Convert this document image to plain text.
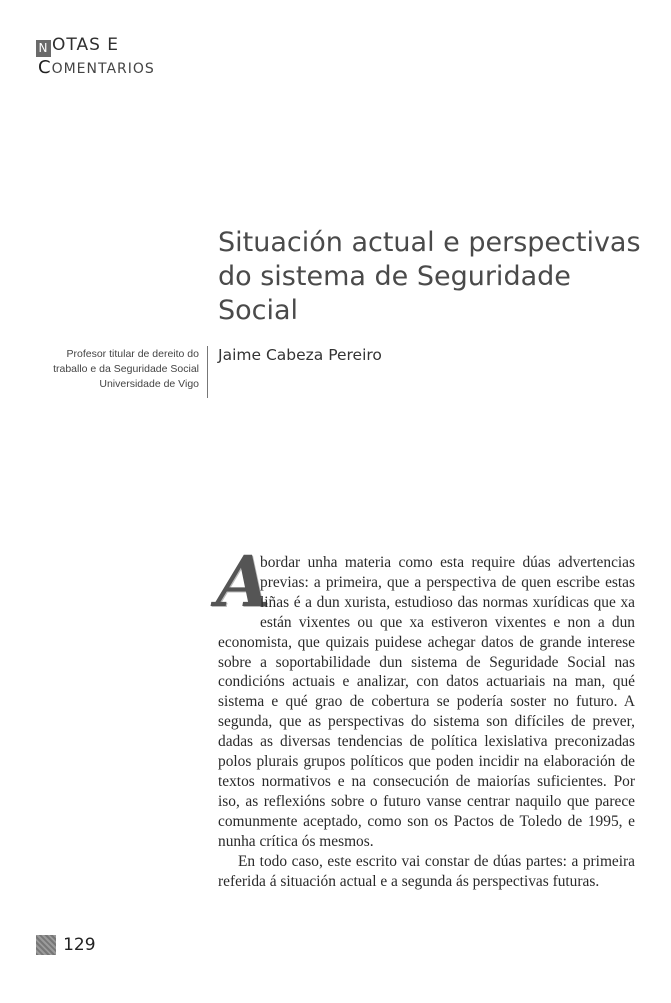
N OTAS E
COMENTARIOS
Situación actual e perspectivas do sistema de Seguridade Social
Profesor titular de dereito do
traballo e da Seguridade Social
Universidade de Vigo
Jaime Cabeza Pereiro

A
bordar unha materia como esta require dúas advertencias previas: a primeira, que a perspectiva de quen escribe estas liñas é a dun xurista, estudioso das normas xurídicas que xa están vixentes ou que xa estiveron vixentes e non a dun economista, que quizais puidese achegar datos de grande interese sobre a soportabilidade dun sistema de Seguridade Social nas condicións actuais e analizar, con datos actuariais na man, qué sistema e qué grao de cobertura se podería soster no futuro. A segunda, que as perspectivas do sistema son difíciles de prever, dadas as diversas tendencias de política lexislativa preconizadas polos plurais grupos políticos que poden incidir na elaboración de textos normativos e na consecución de maiorías suficientes. Por iso, as reflexións sobre o futuro vanse centrar naquilo que parece comunmente aceptado, como son os Pactos de Toledo de 1995, e nunha crítica ós mesmos.

En todo caso, este escrito vai constar de dúas partes: a primeira referida á situación actual e a segunda ás perspectivas futuras.

129
